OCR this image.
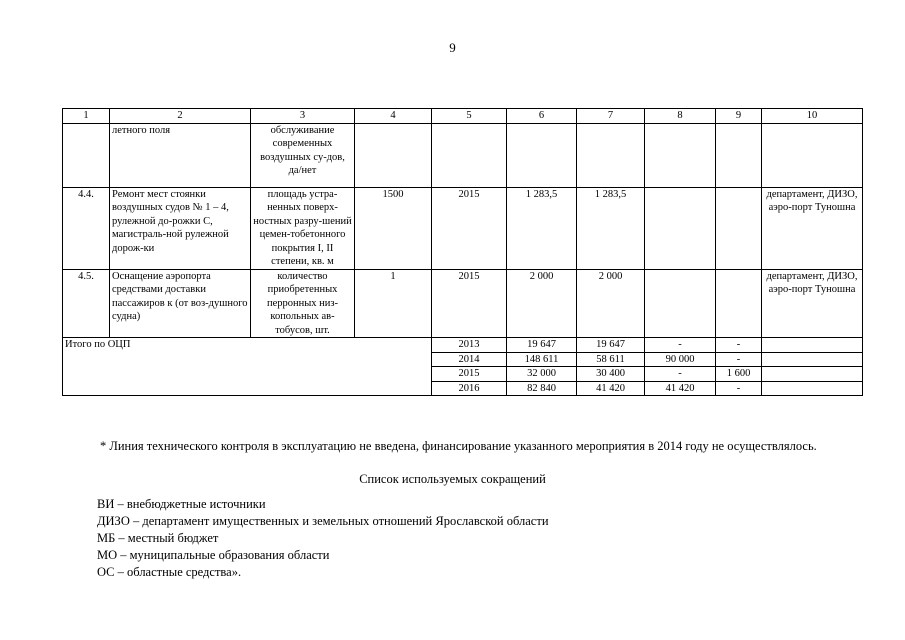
9
1	2	3	4	5	6	7	8	9	10
	летного поля	обслуживание современных воздушных су-дов, да/нет							
4.4.	Ремонт мест стоянки воздушных судов № 1 – 4, рулежной до-рожки С, магистраль-ной рулежной дорож-ки	площадь устра-ненных поверх-ностных разру-шений цемен-тобетонного покрытия I, II степени, кв. м	1500	2015	1 283,5	1 283,5			департамент, ДИЗО, аэро-порт Туношна
4.5.	Оснащение аэропорта средствами доставки пассажиров к (от воз-душного судна)	количество приобретенных перронных низ-копольных ав-тобусов, шт.	1	2015	2 000	2 000			департамент, ДИЗО, аэро-порт Туношна
Итого по ОЦП				2013	19 647	19 647	-	-	
				2014	148 611	58 611	90 000	-	
				2015	32 000	30 400	-	1 600	
				2016	82 840	41 420	41 420	-	
* Линия технического контроля в эксплуатацию не введена, финансирование указанного мероприятия в 2014 году не осуществлялось.
Список используемых сокращений
ВИ – внебюджетные источники
ДИЗО – департамент имущественных и земельных отношений Ярославской области
МБ – местный бюджет
МО – муниципальные образования области
ОС – областные средства».
